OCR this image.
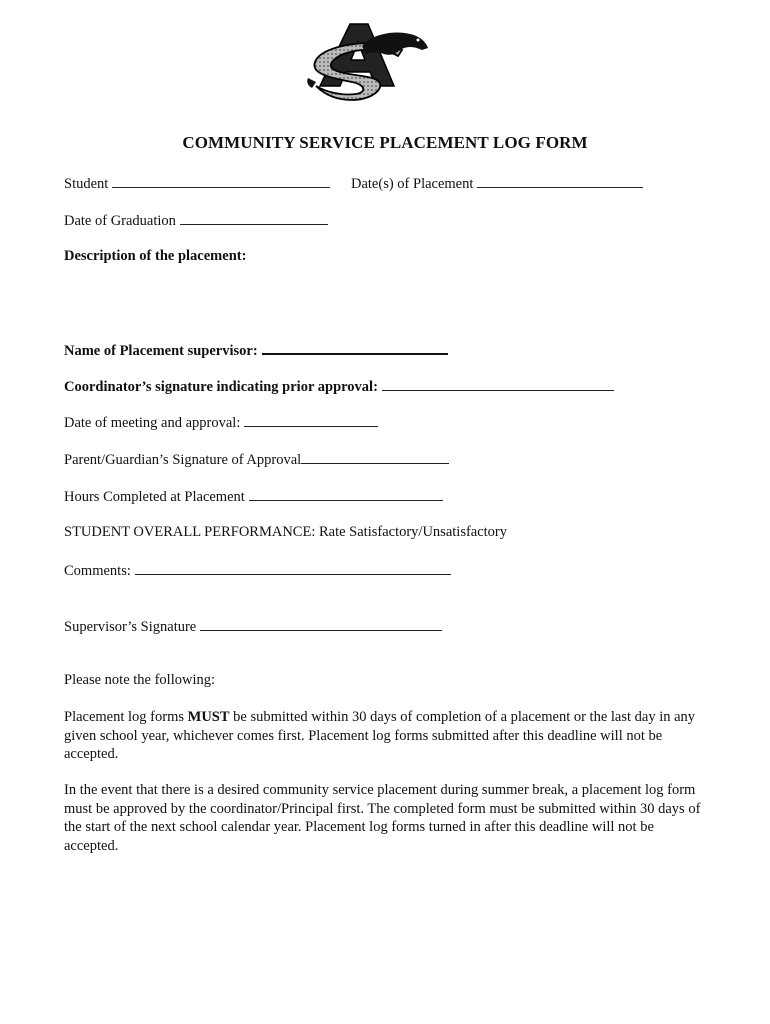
COMMUNITY SERVICE PLACEMENT LOG FORM
Student	Date(s) of Placement
Date of Graduation
Description of the placement:
Name of Placement supervisor:
Coordinator’s signature indicating prior approval:
Date of meeting and approval:
Parent/Guardian’s Signature of Approval
Hours Completed at Placement
STUDENT OVERALL PERFORMANCE: Rate Satisfactory/Unsatisfactory
Comments:
Supervisor’s Signature
Please note the following:
Placement log forms MUST be submitted within 30 days of completion of a placement or the last day in any given school year, whichever comes first. Placement log forms submitted after this deadline will not be accepted.
In the event that there is a desired community service placement during summer break, a placement log form must be approved by the coordinator/Principal first. The completed form must be submitted within 30 days of the start of the next school calendar year. Placement log forms turned in after this deadline will not be accepted.
